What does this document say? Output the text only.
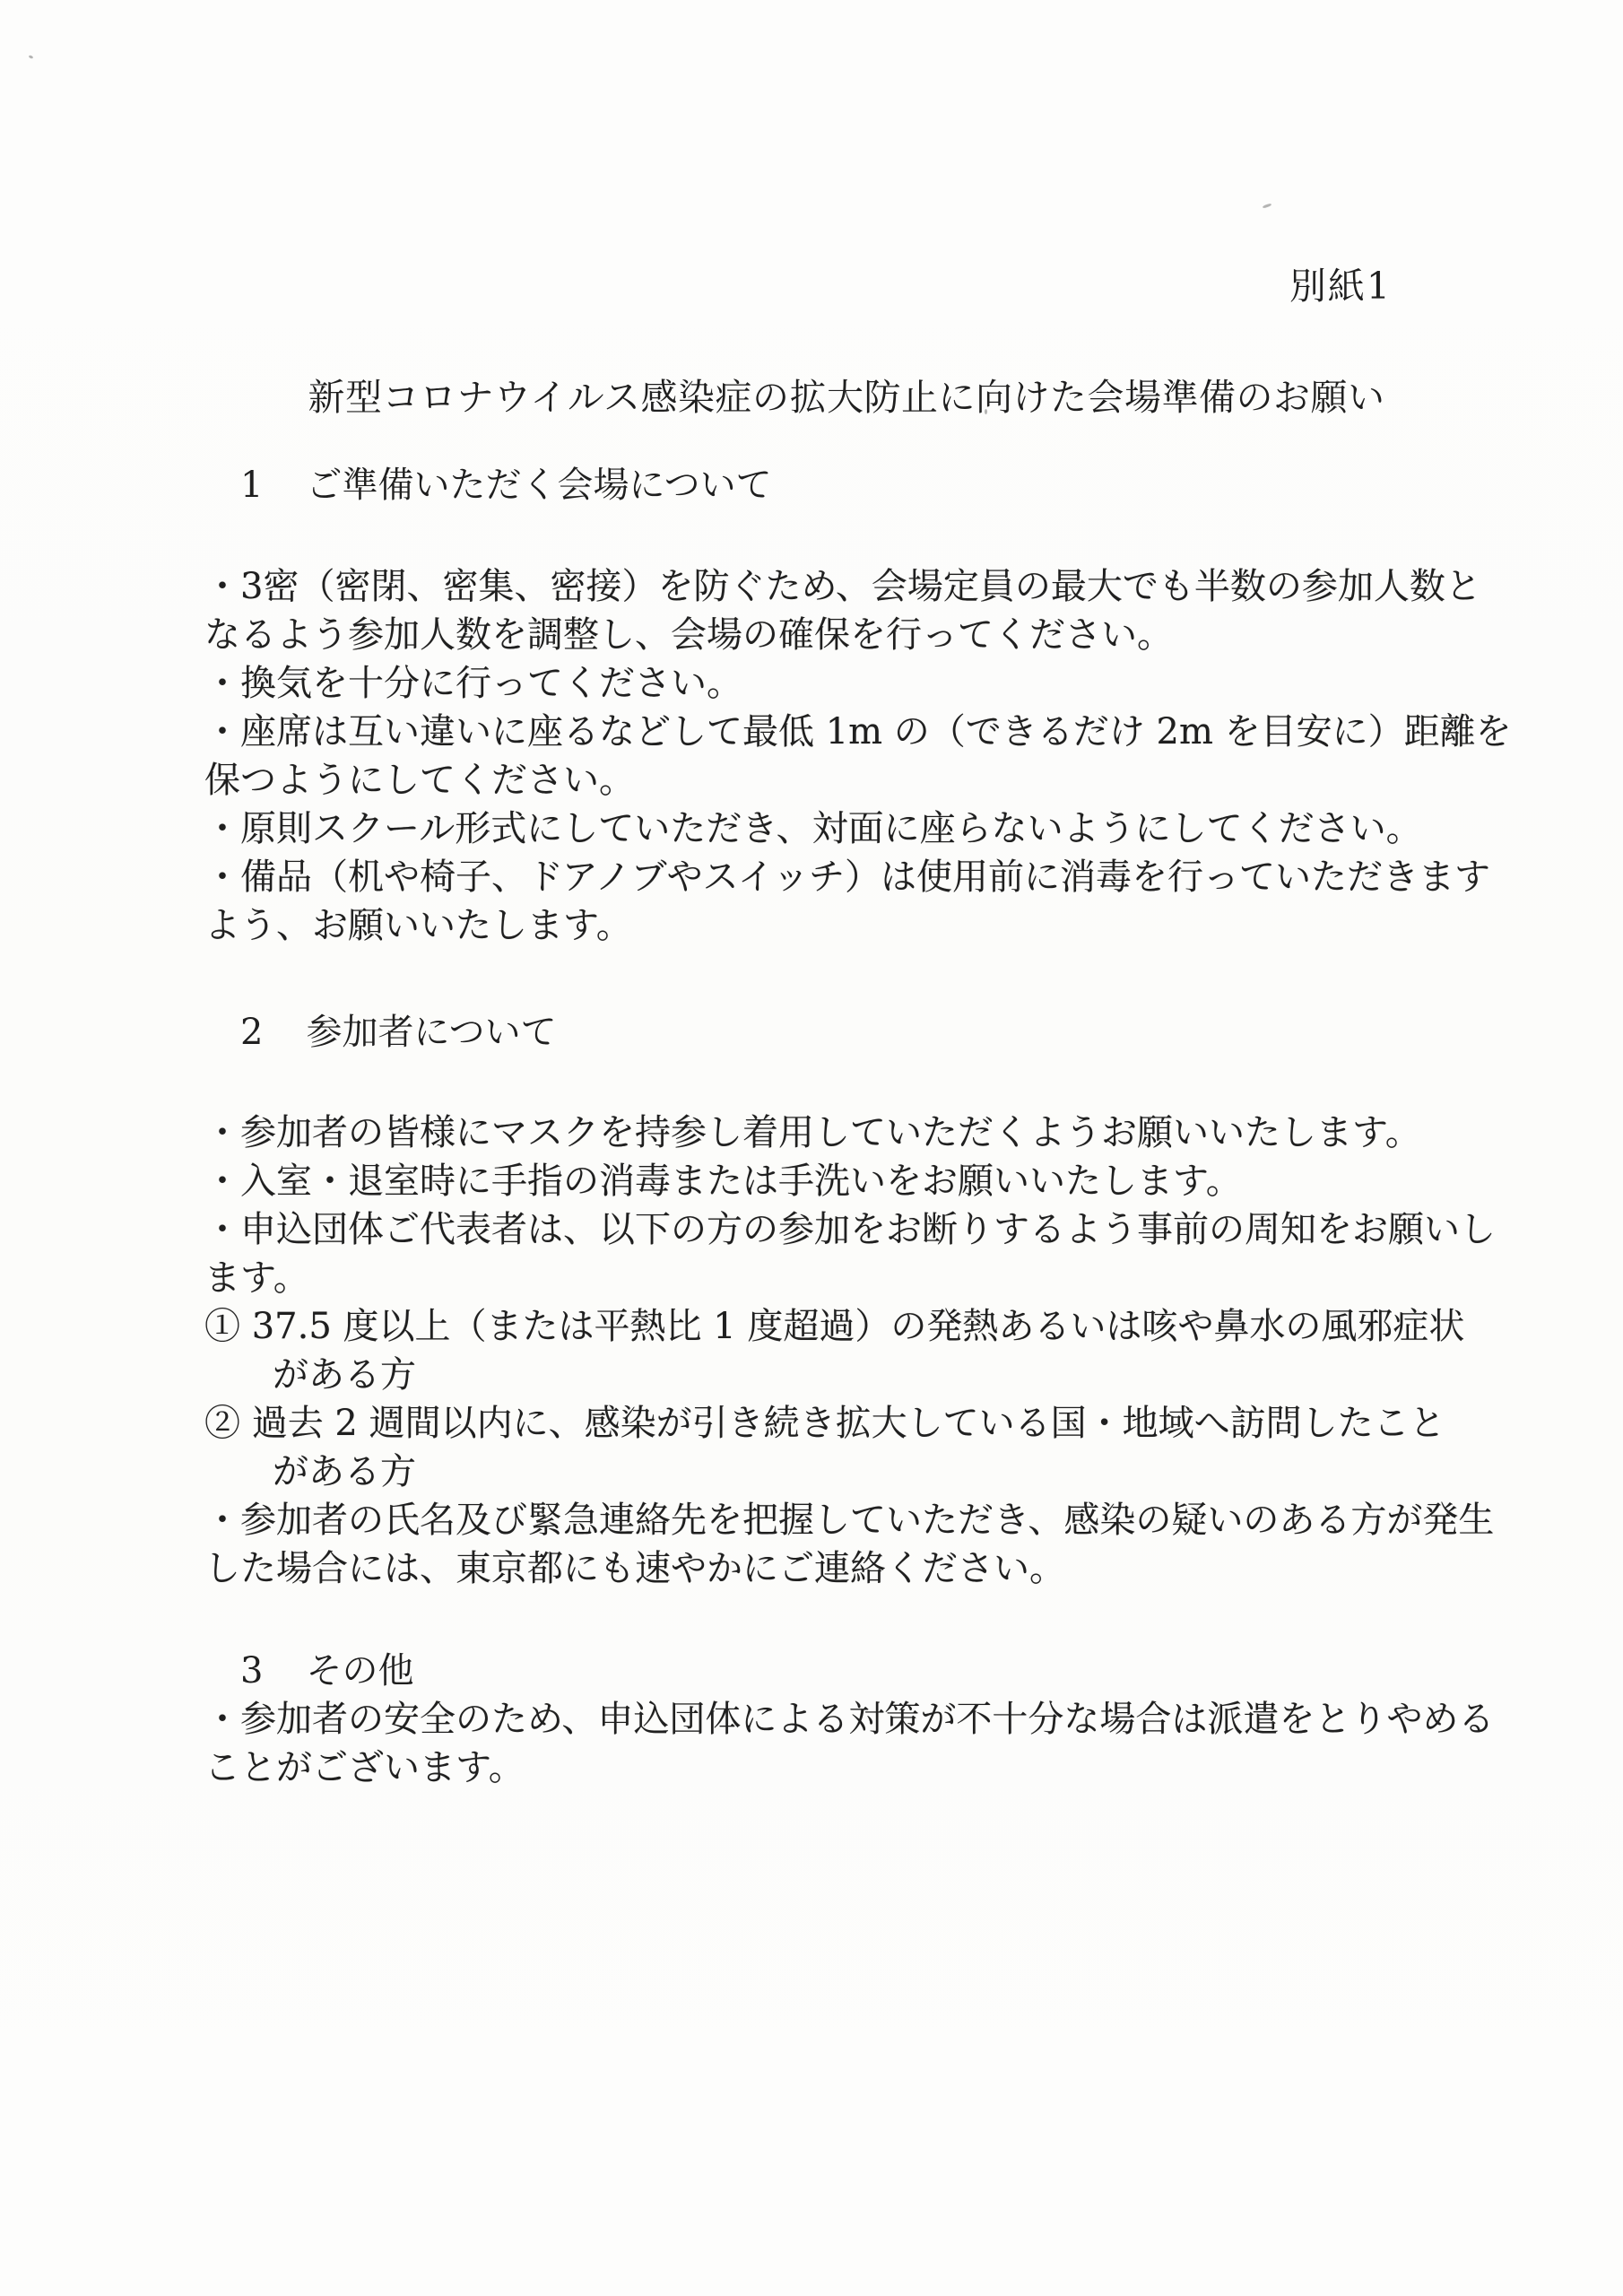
別紙1
新型コロナウイルス感染症の拡大防止に向けた会場準備のお願い
1 ご準備いただく会場について
・3密（密閉、密集、密接）を防ぐため、会場定員の最大でも半数の参加人数と
なるよう参加人数を調整し、会場の確保を行ってください。
・換気を十分に行ってください。
・座席は互い違いに座るなどして最低 1m の（できるだけ 2m を目安に）距離を
保つようにしてください。
・原則スクール形式にしていただき、対面に座らないようにしてください。
・備品（机や椅子、ドアノブやスイッチ）は使用前に消毒を行っていただきます
よう、お願いいたします。
2 参加者について
・参加者の皆様にマスクを持参し着用していただくようお願いいたします。
・入室・退室時に手指の消毒または手洗いをお願いいたします。
・申込団体ご代表者は、以下の方の参加をお断りするよう事前の周知をお願いし
ます。
① 37.5 度以上（または平熱比 1 度超過）の発熱あるいは咳や鼻水の風邪症状
がある方
② 過去 2 週間以内に、感染が引き続き拡大している国・地域へ訪問したこと
がある方
・参加者の氏名及び緊急連絡先を把握していただき、感染の疑いのある方が発生
した場合には、東京都にも速やかにご連絡ください。
3 その他
・参加者の安全のため、申込団体による対策が不十分な場合は派遣をとりやめる
ことがございます。
